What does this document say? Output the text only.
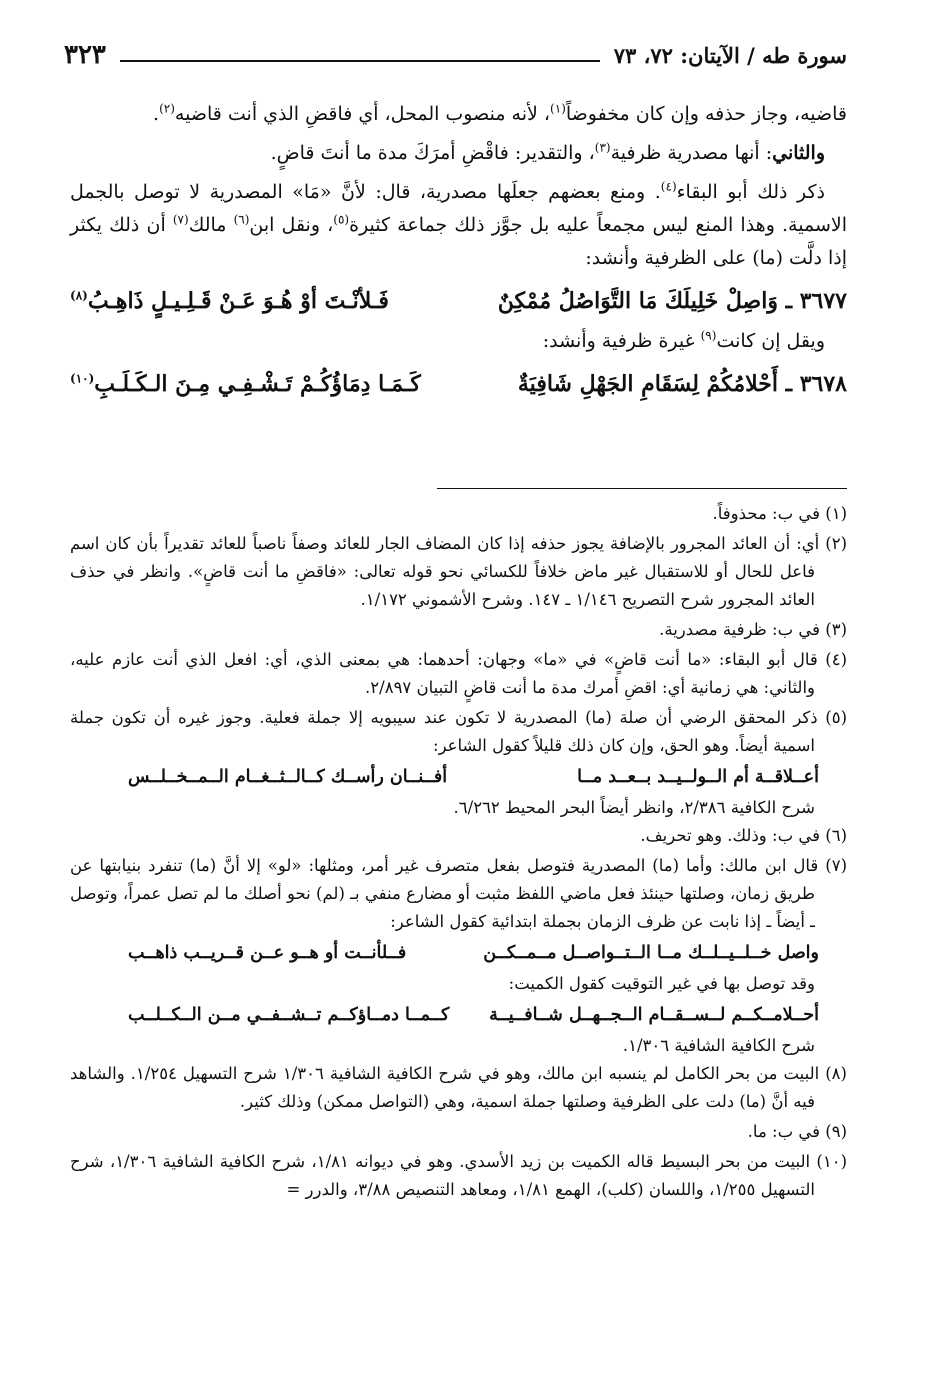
سورة طه / الآيتان: ٧٢، ٧٣
٣٢٣

قاضيه، وجاز حذفه وإن كان مخفوضاً$^{(١)}$، لأنه منصوب المحل، أي فاقضِ الذي أنت قاضيه$^{(٢)}$.

والثاني: أنها مصدرية ظرفية$^{(٣)}$، والتقدير: فاقْضِ أمرَكَ مدة ما أنتَ قاضٍ.

ذكر ذلك أبو البقاء$^{(٤)}$. ومنع بعضهم جعلَها مصدرية، قال: لأنَّ «مَا» المصدرية لا توصل بالجمل الاسمية. وهذا المنع ليس مجمعاً عليه بل جوَّز ذلك جماعة كثيرة$^{(٥)}$، ونقل ابن$^{(٦)}$ مالك$^{(٧)}$ أن ذلك يكثر إذا دلَّت (ما) على الظرفية وأنشد:

٣٦٧٧ ـ وَاصِلْ خَلِيلَكَ مَا التَّوَاصُلُ مُمْكِنٌ
فَـلأنْـتَ أوْ هُـوَ عَـنْ قَـلِـيـلٍ ذَاهِـبُ$^{(٨)}$

ويقل إن كانت$^{(٩)}$ غيرة ظرفية وأنشد:

٣٦٧٨ ـ أَحْلامُكُمْ لِسَقَامِ الجَهْلِ شَافِيَةٌ
كَـمَـا دِمَاؤُكُـمْ تَـشْـفِـي مِـنَ الـكَـلَـبِ$^{(١٠)}$

(١) في ب: محذوفاً.

(٢) أي: أن العائد المجرور بالإضافة يجوز حذفه إذا كان المضاف الجار للعائد وصفاً ناصباً للعائد تقديراً بأن كان اسم فاعل للحال أو للاستقبال غير ماض خلافاً للكسائي نحو قوله تعالى: «فاقضِ ما أنت قاضٍ». وانظر في حذف العائد المجرور شرح التصريح ١/١٤٦ ـ ١٤٧. وشرح الأشموني ١/١٧٢.

(٣) في ب: ظرفية مصدرية.

(٤) قال أبو البقاء: «ما أنت قاضٍ» في «ما» وجهان: أحدهما: هي بمعنى الذي، أي: افعل الذي أنت عازم عليه، والثاني: هي زمانية أي: اقضِ أمرك مدة ما أنت قاضٍ التبيان ٢/٨٩٧.

(٥) ذكر المحقق الرضي أن صلة (ما) المصدرية لا تكون عند سيبويه إلا جملة فعلية. وجوز غيره أن تكون جملة اسمية أيضاً. وهو الحق، وإن كان ذلك قليلاً كقول الشاعر:

أعــلاقــة أم الــولــيــد بــعــد مــا
أفــنــان رأســك كــالــثــغــام الــمــخــلــس

شرح الكافية ٢/٣٨٦، وانظر أيضاً البحر المحيط ٦/٢٦٢.

(٦) في ب: وذلك. وهو تحريف.

(٧) قال ابن مالك: وأما (ما) المصدرية فتوصل بفعل متصرف غير أمر، ومثلها: «لو» إلا أنَّ (ما) تنفرد بنيابتها عن طريق زمان، وصلتها حينئذ فعل ماضي اللفظ مثبت أو مضارع منفي بـ (لم) نحو أصلك ما لم تصل عمراً، وتوصل ـ أيضاً ـ إذا نابت عن ظرف الزمان بجملة ابتدائية كقول الشاعر:

واصل خــلــيــلــك مــا الــتــواصــل مــمــكــن
فــلأنــت أو هــو عــن قــريــب ذاهــب

وقد توصل بها في غير التوقيت كقول الكميت:

أحــلامــكــم لــســقــام الــجــهــل شــافــيــة
كــمــا دمــاؤكــم تــشــفــي مــن الــكــلــب

شرح الكافية الشافية ١/٣٠٦.

(٨) البيت من بحر الكامل لم ينسبه ابن مالك، وهو في شرح الكافية الشافية ١/٣٠٦ شرح التسهيل ١/٢٥٤. والشاهد فيه أنَّ (ما) دلت على الظرفية وصلتها جملة اسمية، وهي (التواصل ممكن) وذلك كثير.

(٩) في ب: ما.

(١٠) البيت من بحر البسيط قاله الكميت بن زيد الأسدي. وهو في ديوانه ١/٨١، شرح الكافية الشافية ١/٣٠٦، شرح التسهيل ١/٢٥٥، واللسان (كلب)، الهمع ١/٨١، ومعاهد التنصيص ٣/٨٨، والدرر =
